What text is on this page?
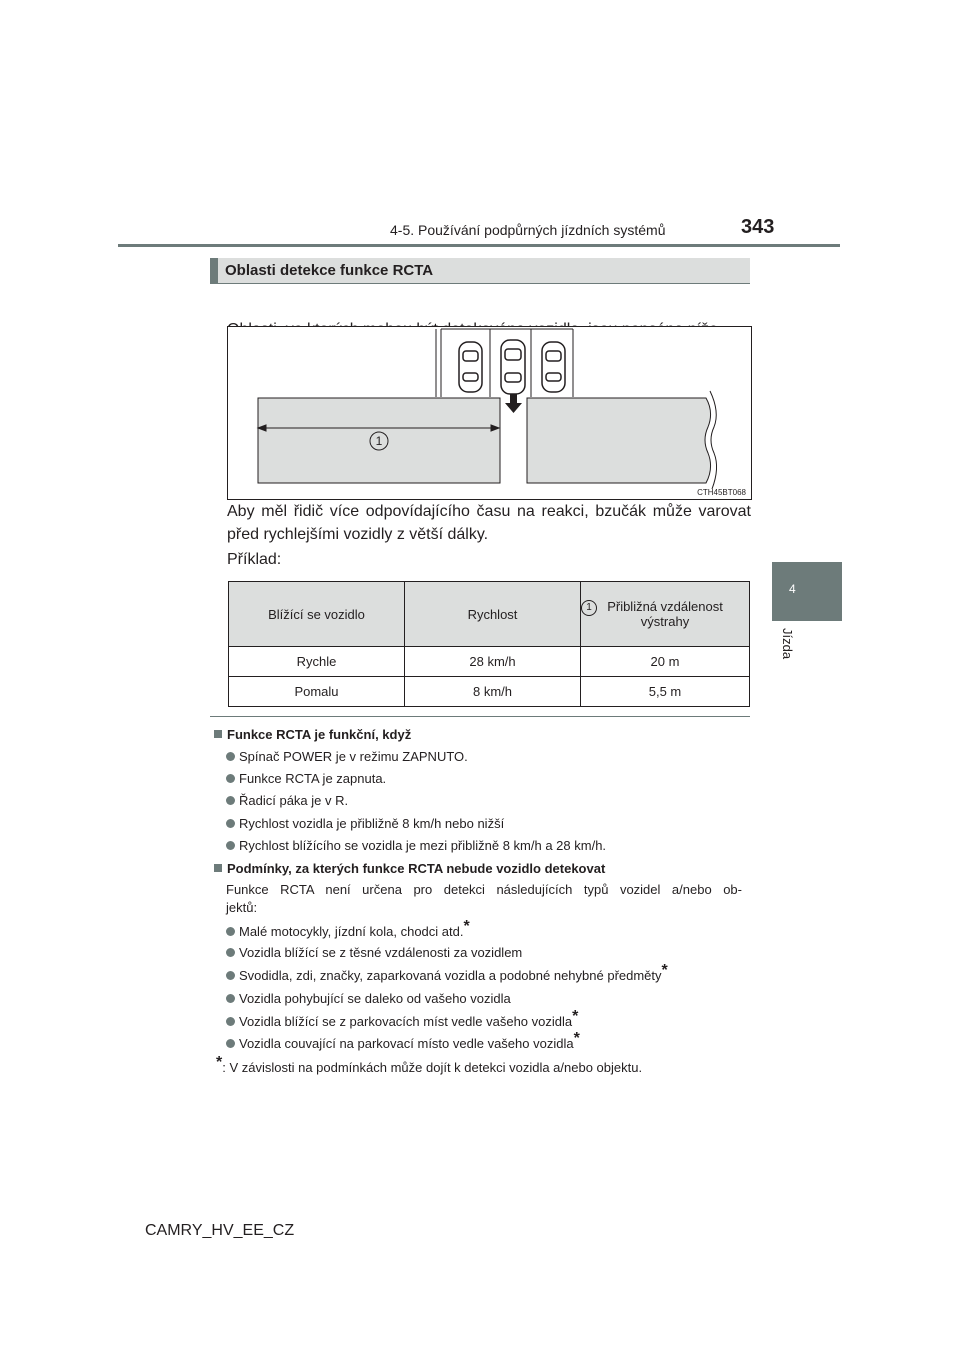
4-5. Používání podpůrných jízdních systémů	343
4
Jízda
Oblasti detekce funkce RCTA
1
CTH45BT068
Aby měl řidič více odpovídajícího času na reakci, bzučák může varovat
před rychlejšími vozidly z větší dálky.
Příklad:
Blížící se vozidlo	Rychlost	1 Přibližná vzdálenost výstrahy

Rychle	28 km/h	20 m
Pomalu	8 km/h	5,5 m
Funkce RCTA je funkční, když
Spínač POWER je v režimu ZAPNUTO.
Funkce RCTA je zapnuta.
Řadicí páka je v R.
Rychlost vozidla je přibližně 8 km/h nebo nižší
Rychlost blížícího se vozidla je mezi přibližně 8 km/h a 28 km/h.
Podmínky, za kterých funkce RCTA nebude vozidlo detekovat
Funkce RCTA není určena pro detekci následujících typů vozidel a/nebo ob-
jektů:
Malé motocykly, jízdní kola, chodci atd.*
Vozidla blížící se z těsné vzdálenosti za vozidlem
Svodidla, zdi, značky, zaparkovaná vozidla a podobné nehybné předměty*
Vozidla pohybující se daleko od vašeho vozidla
Vozidla blížící se z parkovacích míst vedle vašeho vozidla*
Vozidla couvající na parkovací místo vedle vašeho vozidla*
*: V závislosti na podmínkách může dojít k detekci vozidla a/nebo objektu.
CAMRY_HV_EE_CZ
